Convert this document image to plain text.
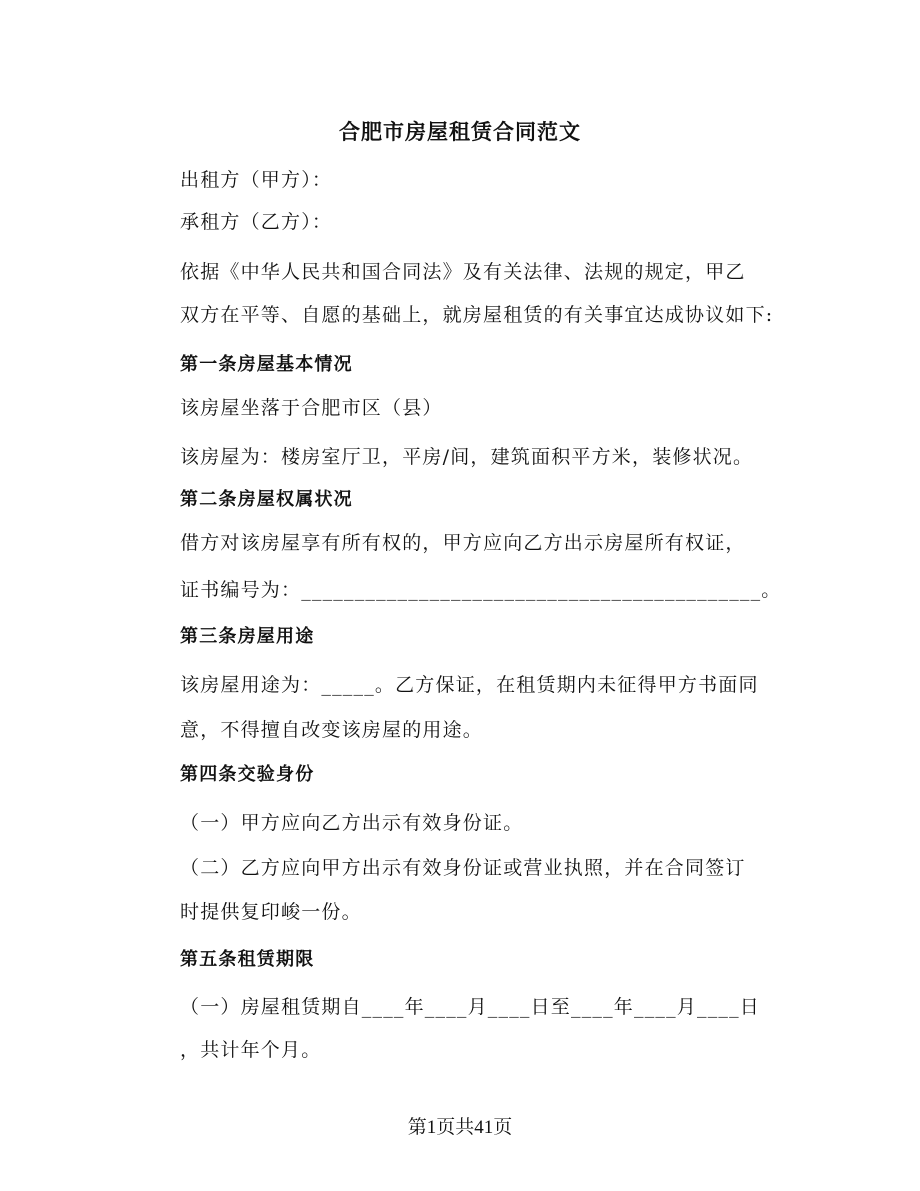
合肥市房屋租赁合同范文
出租方（甲方）：
承租方（乙方）：
依据《中华人民共和国合同法》及有关法律、法规的规定，甲乙
双方在平等、自愿的基础上，就房屋租赁的有关事宜达成协议如下:
第一条房屋基本情况
该房屋坐落于合肥市区（县）
该房屋为：楼房室厅卫，平房/间，建筑面积平方米，装修状况。
第二条房屋权属状况
借方对该房屋享有所有权的，甲方应向乙方出示房屋所有权证，
证书编号为：___________________________________________。
第三条房屋用途
该房屋用途为：_____。乙方保证，在租赁期内未征得甲方书面同
意，不得擅自改变该房屋的用途。
第四条交验身份
（一）甲方应向乙方出示有效身份证。
（二）乙方应向甲方出示有效身份证或营业执照，并在合同签订
时提供复印峻一份。
第五条租赁期限
（一）房屋租赁期自____年____月____日至____年____月____日
，共计年个月。
第1页共41页
